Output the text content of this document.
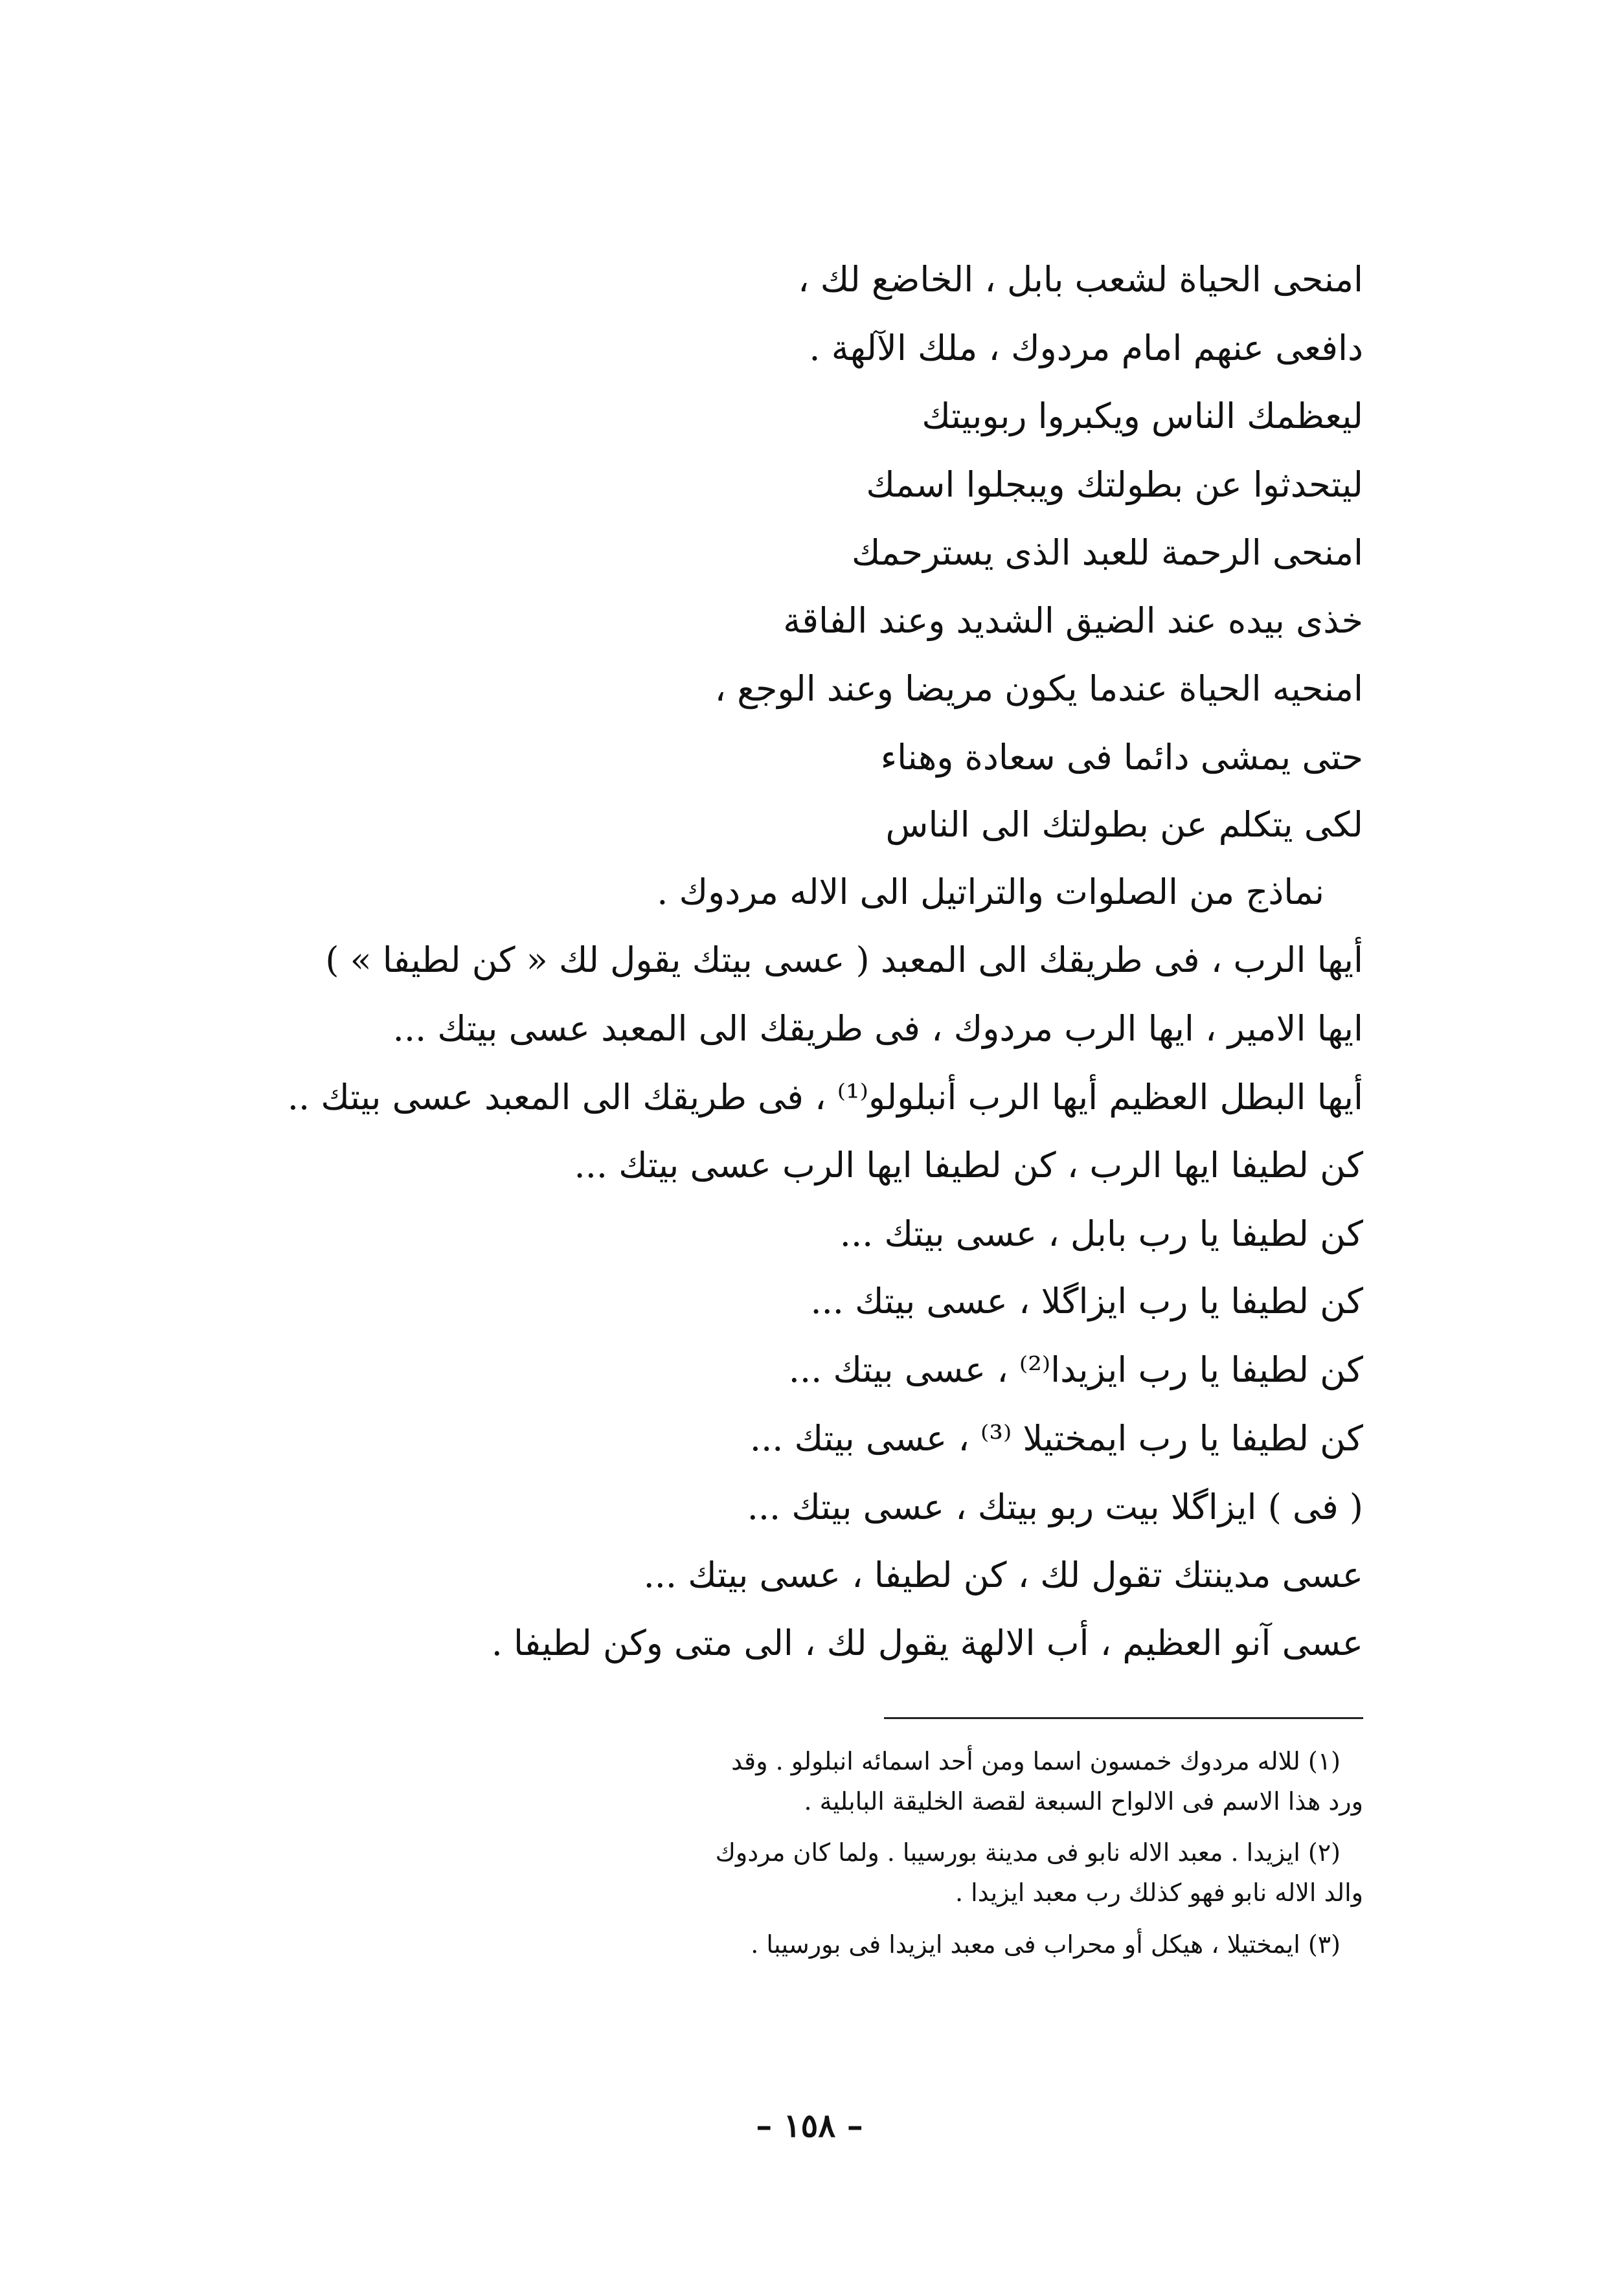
امنحى الحياة لشعب بابل ، الخاضع لك ،
دافعى عنهم امام مردوك ، ملك الآلهة .
ليعظمك الناس ويكبروا ربوبيتك
ليتحدثوا عن بطولتك ويبجلوا اسمك
امنحى الرحمة للعبد الذى يسترحمك
خذى بيده عند الضيق الشديد وعند الفاقة
امنحيه الحياة عندما يكون مريضا وعند الوجع ،
حتى يمشى دائما فى سعادة وهناء
لكى يتكلم عن بطولتك الى الناس
نماذج من الصلوات والتراتيل الى الاله مردوك .
أيها الرب ، فى طريقك الى المعبد ( عسى بيتك يقول لك « كن لطيفا » )
ايها الامير ، ايها الرب مردوك ، فى طريقك الى المعبد عسى بيتك ...
أيها البطل العظيم أيها الرب أنبلولو⁽¹⁾ ، فى طريقك الى المعبد عسى بيتك ..
كن لطيفا ايها الرب ، كن لطيفا ايها الرب عسى بيتك ...
كن لطيفا يا رب بابل ، عسى بيتك ...
كن لطيفا يا رب ايزاگلا ، عسى بيتك ...
كن لطيفا يا رب ايزيدا⁽²⁾ ، عسى بيتك ...
كن لطيفا يا رب ايمختيلا ⁽³⁾ ، عسى بيتك ...
( فى ) ايزاگلا بيت ربو بيتك ، عسى بيتك ...
عسى مدينتك تقول لك ، كن لطيفا ، عسى بيتك ...
عسى آنو العظيم ، أب الالهة يقول لك ، الى متى وكن لطيفا .
(١) للاله مردوك خمسون اسما ومن أحد اسمائه انبلولو . وقد
ورد هذا الاسم فى الالواح السبعة لقصة الخليقة البابلية .
(٢) ايزيدا . معبد الاله نابو فى مدينة بورسيبا . ولما كان مردوك
والد الاله نابو فهو كذلك رب معبد ايزيدا .
(٣) ايمختيلا ، هيكل أو محراب فى معبد ايزيدا فى بورسيبا .
– ١٥٨ –
